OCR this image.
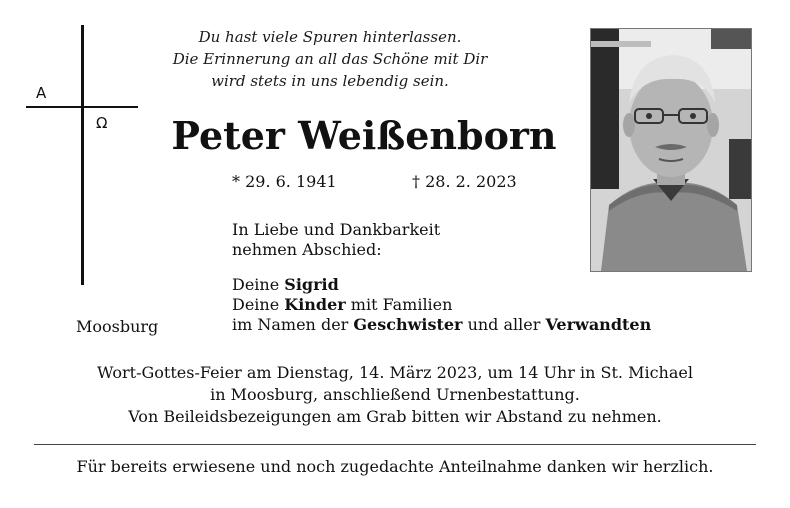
Du hast viele Spuren hinterlassen.
Die Erinnerung an all das Schöne mit Dir
wird stets in uns lebendig sein.
A
Ω	Peter Weißenborn
* 29. 6. 1941	† 28. 2. 2023
In Liebe und Dankbarkeit
nehmen Abschied:
Deine Sigrid
Deine Kinder mit Familien
im Namen der Geschwister und aller Verwandten
Moosburg
Wort-Gottes-Feier am Dienstag, 14. März 2023, um 14 Uhr in St. Michael
in Moosburg, anschließend Urnenbestattung.
Von Beileidsbezeigungen am Grab bitten wir Abstand zu nehmen.
Für bereits erwiesene und noch zugedachte Anteilnahme danken wir herzlich.
